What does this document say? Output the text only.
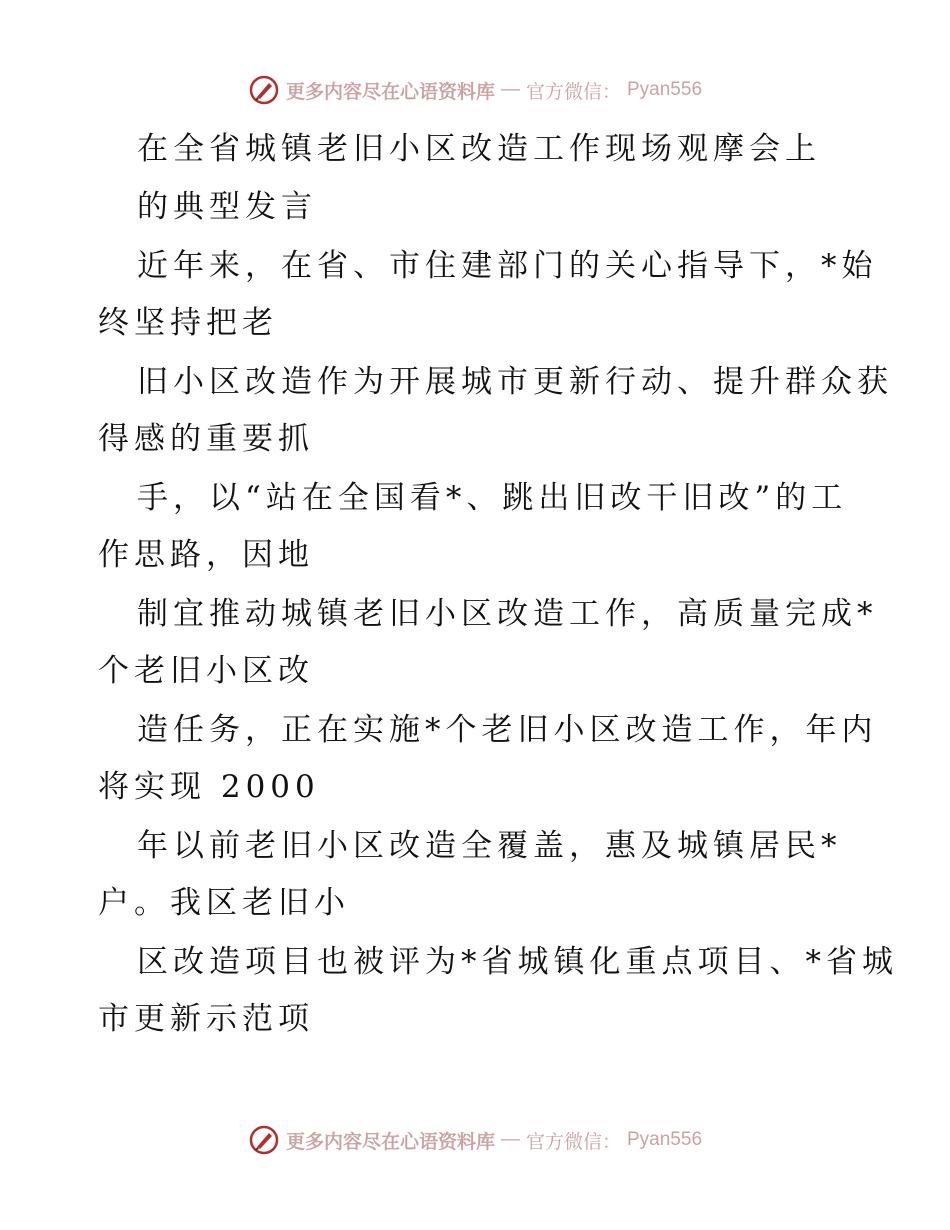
更多内容尽在心语资料库 — 官方微信： Pyan556
在全省城镇老旧小区改造工作现场观摩会上
的典型发言
近年来，在省、市住建部门的关心指导下，*始
终坚持把老
旧小区改造作为开展城市更新行动、提升群众获
得感的重要抓
手，以“站在全国看*、跳出旧改干旧改”的工
作思路，因地
制宜推动城镇老旧小区改造工作，高质量完成*
个老旧小区改
造任务，正在实施*个老旧小区改造工作，年内
将实现 2000
年以前老旧小区改造全覆盖，惠及城镇居民*
户。我区老旧小
区改造项目也被评为*省城镇化重点项目、*省城
市更新示范项
更多内容尽在心语资料库 — 官方微信： Pyan556
